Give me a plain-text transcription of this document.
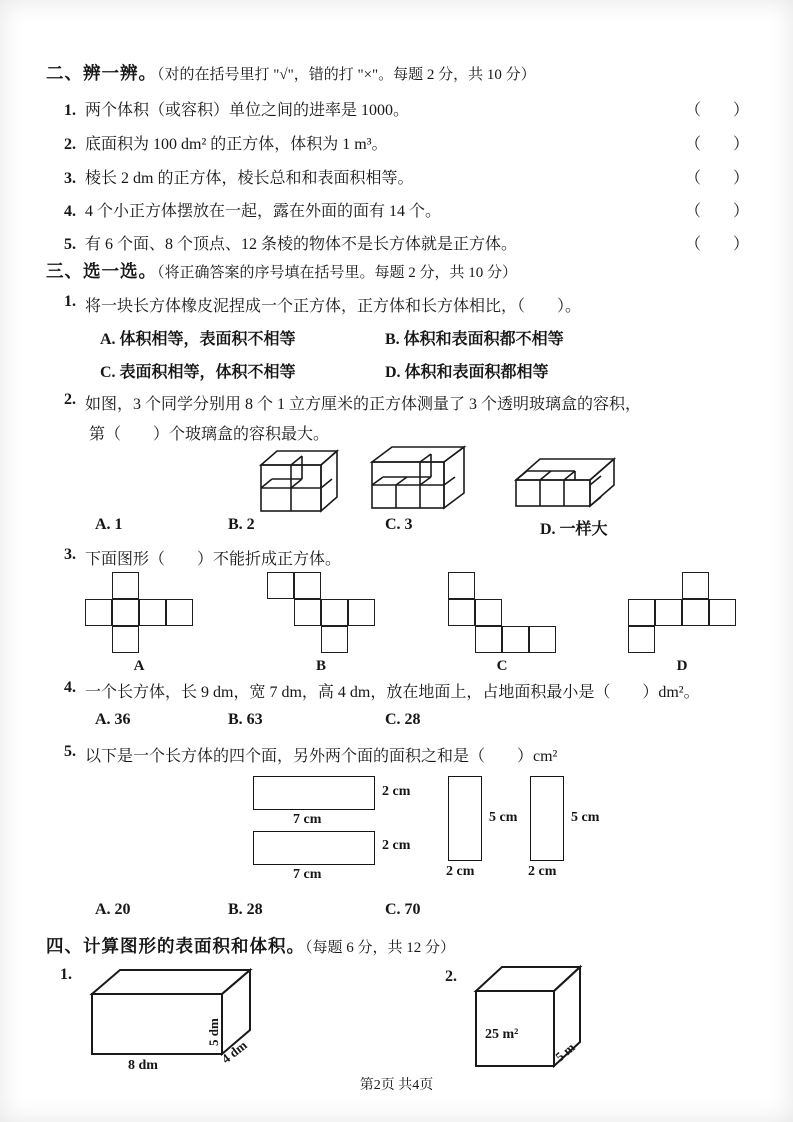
二、辨一辨。（对的在括号里打 "√"，错的打 "×"。每题 2 分，共 10 分）
1. 两个体积（或容积）单位之间的进率是 1000。	（　　）
2. 底面积为 100 dm² 的正方体，体积为 1 m³。	（　　）
3. 棱长 2 dm 的正方体，棱长总和和表面积相等。	（　　）
4. 4 个小正方体摆放在一起，露在外面的面有 14 个。	（　　）
5. 有 6 个面、8 个顶点、12 条棱的物体不是长方体就是正方体。	（　　）
三、选一选。（将正确答案的序号填在括号里。每题 2 分，共 10 分）
1. 将一块长方体橡皮泥捏成一个正方体，正方体和长方体相比，（　　）。
A. 体积相等，表面积不相等	B. 体积和表面积都不相等
C. 表面积相等，体积不相等	D. 体积和表面积都相等
2. 如图，3 个同学分别用 8 个 1 立方厘米的正方体测量了 3 个透明玻璃盒的容积，
第（　　）个玻璃盒的容积最大。
A. 1	B. 2	C. 3	D. 一样大
3. 下面图形（　　）不能折成正方体。
A	B	C	D
4. 一个长方体，长 9 dm，宽 7 dm，高 4 dm，放在地面上，占地面积最小是（　　）dm²。
A. 36	B. 63	C. 28
5. 以下是一个长方体的四个面，另外两个面的面积之和是（　　）cm²
2 cm
7 cm
2 cm
7 cm
5 cm
2 cm
5 cm
2 cm
A. 20	B. 28	C. 70
四、计算图形的表面积和体积。（每题 6 分，共 12 分）
1.
8 dm
5 dm
4 dm
2.
25 m²
5 m
第2页 共4页
